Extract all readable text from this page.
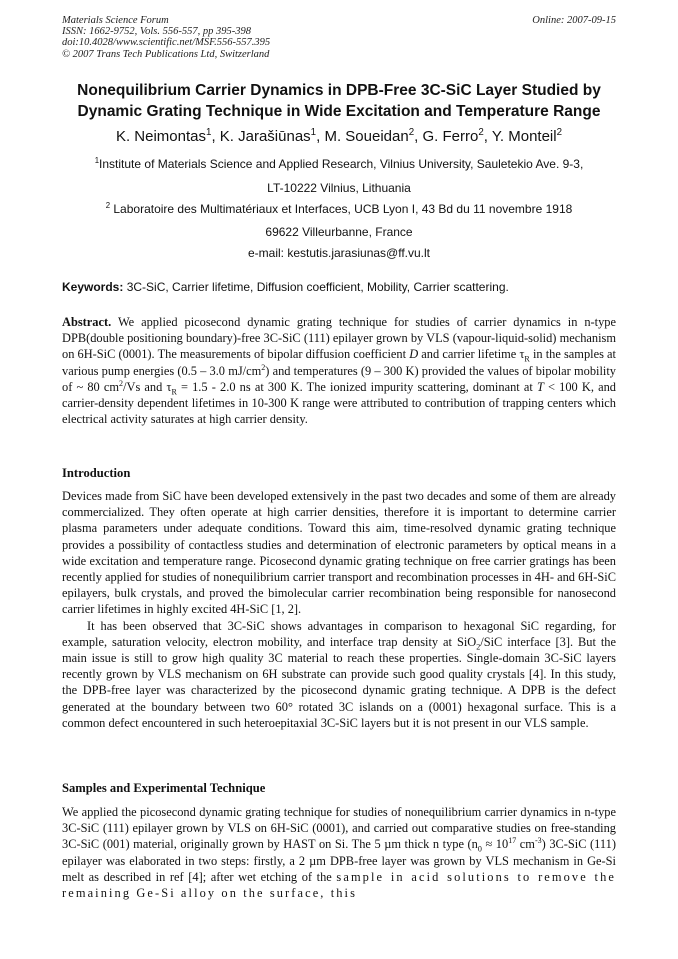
Materials Science Forum
ISSN: 1662-9752, Vols. 556-557, pp 395-398
doi:10.4028/www.scientific.net/MSF.556-557.395
© 2007 Trans Tech Publications Ltd, Switzerland
Online: 2007-09-15
Nonequilibrium Carrier Dynamics in DPB-Free 3C-SiC Layer Studied by
Dynamic Grating Technique in Wide Excitation and Temperature Range
K. Neimontas$^1$, K. Jarašiūnas$^1$, M. Soueidan$^2$, G. Ferro$^2$, Y. Monteil$^2$
$^1$Institute of Materials Science and Applied Research, Vilnius University, Sauletekio Ave. 9-3,
LT-10222 Vilnius, Lithuania
$^2$ Laboratoire des Multimatériaux et Interfaces, UCB Lyon I, 43 Bd du 11 novembre 1918
69622 Villeurbanne, France
e-mail: kestutis.jarasiunas@ff.vu.lt
Keywords: 3C-SiC, Carrier lifetime, Diffusion coefficient, Mobility, Carrier scattering.
Abstract. We applied picosecond dynamic grating technique for studies of carrier dynamics in n-type DPB(double positioning boundary)-free 3C-SiC (111) epilayer grown by VLS (vapour-liquid-solid) mechanism on 6H-SiC (0001). The measurements of bipolar diffusion coefficient D and carrier lifetime $\tau_R$ in the samples at various pump energies (0.5 – 3.0 $mJ/cm^2$) and temperatures (9 – 300 K) provided the values of bipolar mobility of ~ 80 $cm^2/Vs$ and $\tau_R = 1.5 - 2.0$ ns at 300 K. The ionized impurity scattering, dominant at T < 100 K, and carrier-density dependent lifetimes in 10-300 K range were attributed to contribution of trapping centers which electrical activity saturates at high carrier density.
Introduction

Devices made from SiC have been developed extensively in the past two decades and some of them are already commercialized. They often operate at high carrier densities, therefore it is important to determine carrier plasma parameters under adequate conditions. Toward this aim, time-resolved dynamic grating technique provides a possibility of contactless studies and determination of electronic parameters by optical means in a wide excitation and temperature range. Picosecond dynamic grating technique on free carrier gratings has been recently applied for studies of nonequilibrium carrier transport and recombination processes in 4H- and 6H-SiC epilayers, bulk crystals, and proved the bimolecular carrier recombination being responsible for nanosecond carrier lifetimes in highly excited 4H-SiC [1, 2].

It has been observed that 3C-SiC shows advantages in comparison to hexagonal SiC regarding, for example, saturation velocity, electron mobility, and interface trap density at SiO$_2$/SiC interface [3]. But the main issue is still to grow high quality 3C material to reach these properties. Single-domain 3C-SiC layers recently grown by VLS mechanism on 6H substrate can provide such good quality crystals [4]. In this study, the DPB-free layer was characterized by the picosecond dynamic grating technique. A DPB is the defect generated at the boundary between two 60° rotated 3C islands on a (0001) hexagonal surface. This is a common defect encountered in such heteroepitaxial 3C-SiC layers but it is not present in our VLS sample.

Samples and Experimental Technique

We applied the picosecond dynamic grating technique for studies of nonequilibrium carrier dynamics in n-type 3C-SiC (111) epilayer grown by VLS on 6H-SiC (0001), and carried out comparative studies on free-standing 3C-SiC (001) material, originally grown by HAST on Si. The 5 µm thick n type ($n_0 \approx 10^{17}$ $cm^{-3}$) 3C-SiC (111) epilayer was elaborated in two steps: firstly, a 2 µm DPB-free layer was grown by VLS mechanism in Ge-Si melt as described in ref [4]; after wet etching of the sample in acid solutions to remove the remaining Ge-Si alloy on the surface, this
